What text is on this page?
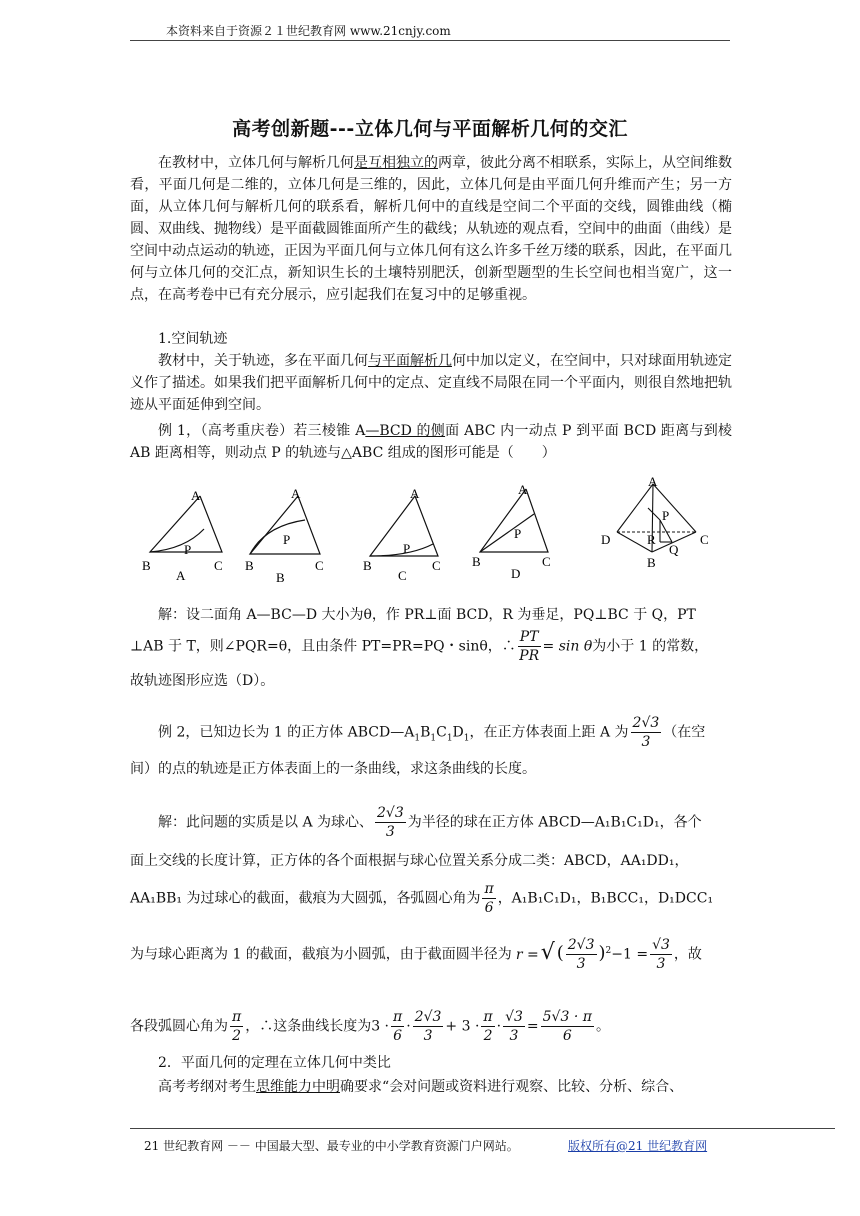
本资料来自于资源２１世纪教育网 www.21cnjy.com
高考创新题---立体几何与平面解析几何的交汇

在教材中，立体几何与解析几何是互相独立的两章，彼此分离不相联系，实际上，从空间维数看，平面几何是二维的，立体几何是三维的，因此，立体几何是由平面几何升维而产生；另一方面，从立体几何与解析几何的联系看，解析几何中的直线是空间二个平面的交线，圆锥曲线（椭圆、双曲线、抛物线）是平面截圆锥面所产生的截线；从轨迹的观点看，空间中的曲面（曲线）是空间中动点运动的轨迹，正因为平面几何与立体几何有这么许多千丝万缕的联系，因此，在平面几何与立体几何的交汇点，新知识生长的土壤特别肥沃，创新型题型的生长空间也相当宽广，这一点，在高考卷中已有充分展示，应引起我们在复习中的足够重视。

1.空间轨迹

教材中，关于轨迹，多在平面几何与平面解析几何中加以定义，在空间中，只对球面用轨迹定义作了描述。如果我们把平面解析几何中的定点、定直线不局限在同一个平面内，则很自然地把轨迹从平面延伸到空间。

例 1，（高考重庆卷）若三棱锥 A—BCD 的侧面 ABC 内一动点 P 到平面 BCD 距离与到棱 AB 距离相等，则动点 P 的轨迹与△ABC 组成的图形可能是（　　）

A
P
B	C
A
A
P
B	C
B
A
P
B	C
C
A
P
B	C
D
A
P
R
Q
D	C
B

解：设二面角 A—BC—D 大小为θ，作 PR⊥面 BCD，R 为垂足，PQ⊥BC 于 Q，PT

⊥AB 于 T，则∠PQR=θ，且由条件 PT=PR=PQ・sinθ，∴ $\frac{PT}{PR} = \sin \theta$为小于 1 的常数，

故轨迹图形应选（D）。

例 2，已知边长为 1 的正方体 $ABCD—A_1B_1C_1D_1$，在正方体表面上距 A 为 $\frac{2√3}{3}$ （在空

间）的点的轨迹是正方体表面上的一条曲线，求这条曲线的长度。

解：此问题的实质是以 A 为球心、 $\frac{2√3}{3}$ 为半径的球在正方体 ABCD—A₁B₁C₁D₁，各个

面上交线的长度计算，正方体的各个面根据与球心位置关系分成二类：ABCD，AA₁DD₁，

AA₁BB₁ 为过球心的截面，截痕为大圆弧，各弧圆心角为 $\frac{\pi}{6}$ ，A₁B₁C₁D₁，B₁BCC₁，D₁DCC₁

为与球心距离为 1 的截面，截痕为小圆弧，由于截面圆半径为 r =√ ( $\frac{2√3}{3} )^2-1 = \frac{√3}{3}$ ，故

各段弧圆心角为 $\frac{\pi}{2}$ ，∴这条曲线长度为$3 \cdot \frac{\pi}{6} \cdot \frac{2√3}{3} + 3 \cdot \frac{\pi}{2} \cdot \frac{√3}{3} = \frac{5√3 \cdot \pi}{6}$ 。

2．平面几何的定理在立体几何中类比

高考考纲对考生思维能力中明确要求“会对问题或资料进行观察、比较、分析、综合、

21 世纪教育网 －－ 中国最大型、最专业的中小学教育资源门户网站。	版权所有@21 世纪教育网
